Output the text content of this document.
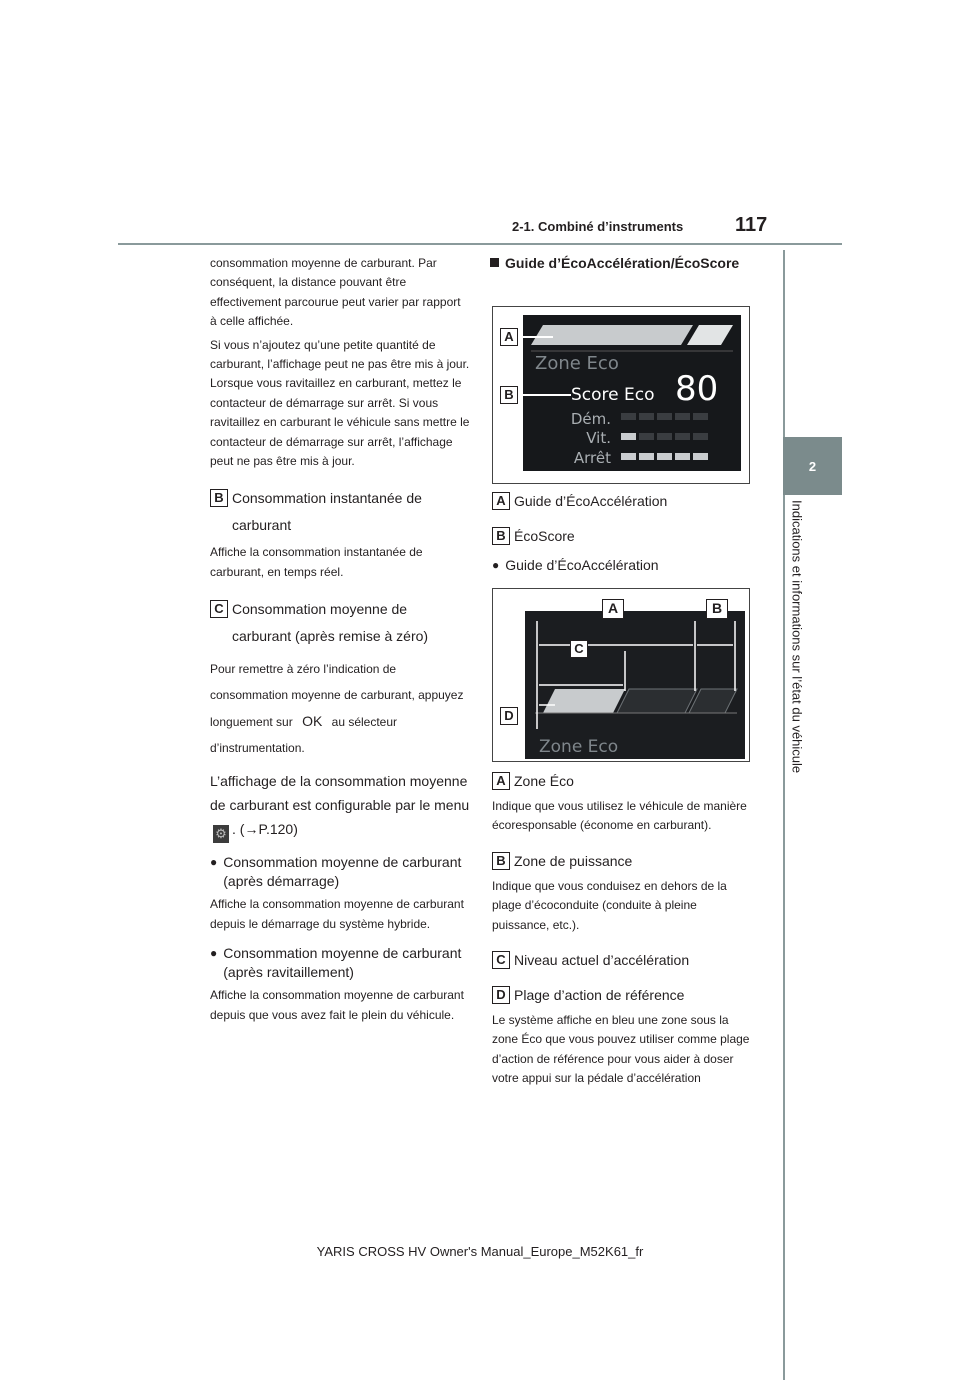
2-1. Combiné d’instruments	117
2
Indications et informations sur l’état du véhicule

consommation moyenne de carburant. Par conséquent, la distance pouvant être effectivement parcourue peut varier par rapport à celle affichée.

Si vous n’ajoutez qu’une petite quantité de carburant, l’affichage peut ne pas être mis à jour.

Lorsque vous ravitaillez en carburant, mettez le contacteur de démarrage sur arrêt. Si vous ravitaillez en carburant le véhicule sans mettre le contacteur de démarrage sur arrêt, l’affichage peut ne pas être mis à jour.

B Consommation instantanée de carburant

Affiche la consommation instantanée de carburant, en temps réel.

C Consommation moyenne de carburant (après remise à zéro)

Pour remettre à zéro l’indication de consommation moyenne de carburant, appuyez longuement sur OK au sélecteur d’instrumentation.

L’affichage de la consommation moyenne de carburant est configurable par le menu ⚙ . (→P.120)

● Consommation moyenne de carburant (après démarrage)

Affiche la consommation moyenne de carburant depuis le démarrage du système hybride.

● Consommation moyenne de carburant (après ravitaillement)

Affiche la consommation moyenne de carburant depuis que vous avez fait le plein du véhicule.

Guide d’ÉcoAccélération/ÉcoScore
Zone Eco
Score Eco 80
Dém.
Vit.
Arrêt
A
B
A Guide d’ÉcoAccélération
B ÉcoScore
● Guide d’ÉcoAccélération
Zone Eco
A	B
C
D
A Zone Éco

Indique que vous utilisez le véhicule de manière écoresponsable (économe en carburant).

B Zone de puissance

Indique que vous conduisez en dehors de la plage d’écoconduite (conduite à pleine puissance, etc.).

C Niveau actuel d’accélération
D Plage d’action de référence

Le système affiche en bleu une zone sous la zone Éco que vous pouvez utiliser comme plage d’action de référence pour vous aider à doser votre appui sur la pédale d’accélération

YARIS CROSS HV Owner's Manual_Europe_M52K61_fr
